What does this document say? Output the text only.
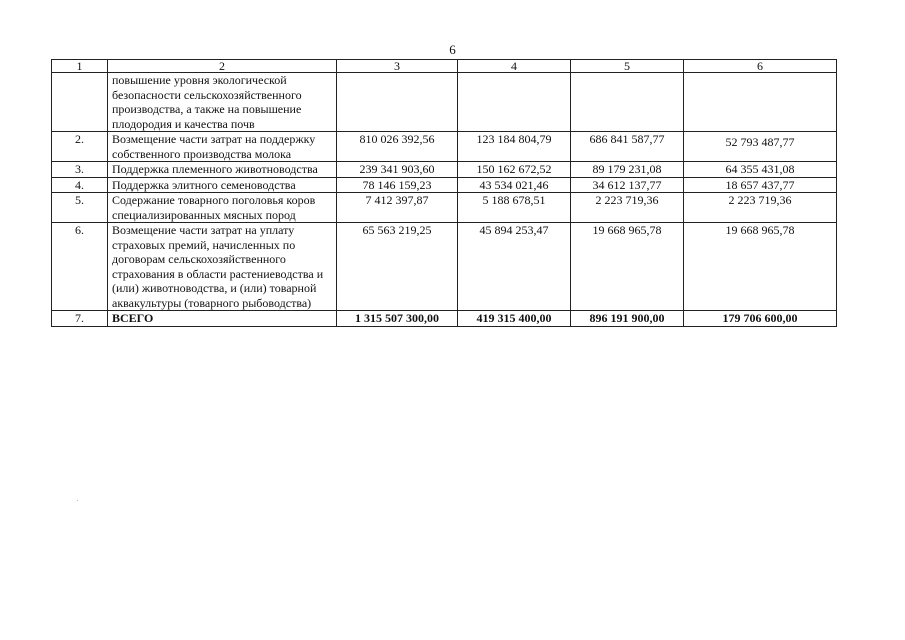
6
1	2	3	4	5	6
	повышение уровня экологической безопасности сельскохозяйственного производства, а также на повышение плодородия и качества почв				
2.	Возмещение части затрат на поддержку собственного производства молока	810 026 392,56	123 184 804,79	686 841 587,77	52 793 487,77
3.	Поддержка племенного животноводства	239 341 903,60	150 162 672,52	89 179 231,08	64 355 431,08
4.	Поддержка элитного семеноводства	78 146 159,23	43 534 021,46	34 612 137,77	18 657 437,77
5.	Содержание товарного поголовья коров специализированных мясных пород	7 412 397,87	5 188 678,51	2 223 719,36	2 223 719,36
6.	Возмещение части затрат на уплату страховых премий, начисленных по договорам сельскохозяйственного страхования в области растениеводства и (или) животноводства, и (или) товарной аквакультуры (товарного рыбоводства)	65 563 219,25	45 894 253,47	19 668 965,78	19 668 965,78
7.	ВСЕГО	1 315 507 300,00	419 315 400,00	896 191 900,00	179 706 600,00
